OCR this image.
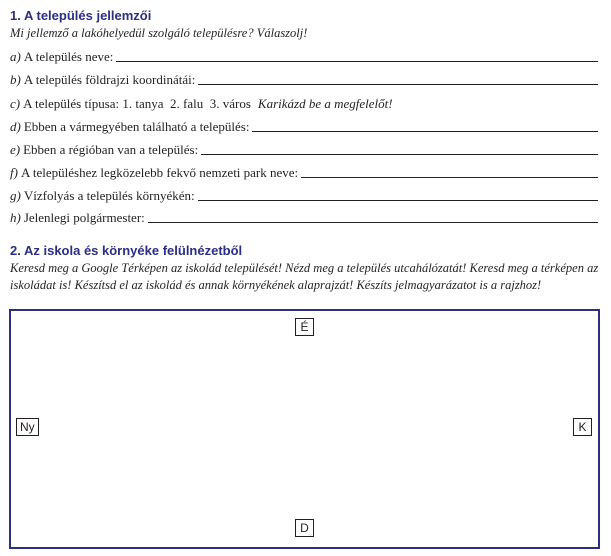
1. A település jellemzői

Mi jellemző a lakóhelyedül szolgáló településre? Válaszolj!

a) A település neve:
b) A település földrajzi koordinátái:
c) A település típusa: 1. tanya  2. falu  3. város Karikázd be a megfelelőt!
d) Ebben a vármegyében található a település:
e) Ebben a régióban van a település:
f) A településhez legközelebb fekvő nemzeti park neve:
g) Vízfolyás a település környékén:
h) Jelenlegi polgármester:
2. Az iskola és környéke felülnézetből

Keresd meg a Google Térképen az iskolád települését! Nézd meg a település utcahálózatát! Keresd meg a térképen az iskoládat is! Készítsd el az iskolád és annak környékének alaprajzát! Készíts jelmagyarázatot is a rajzhoz!

É
Ny	K
D
